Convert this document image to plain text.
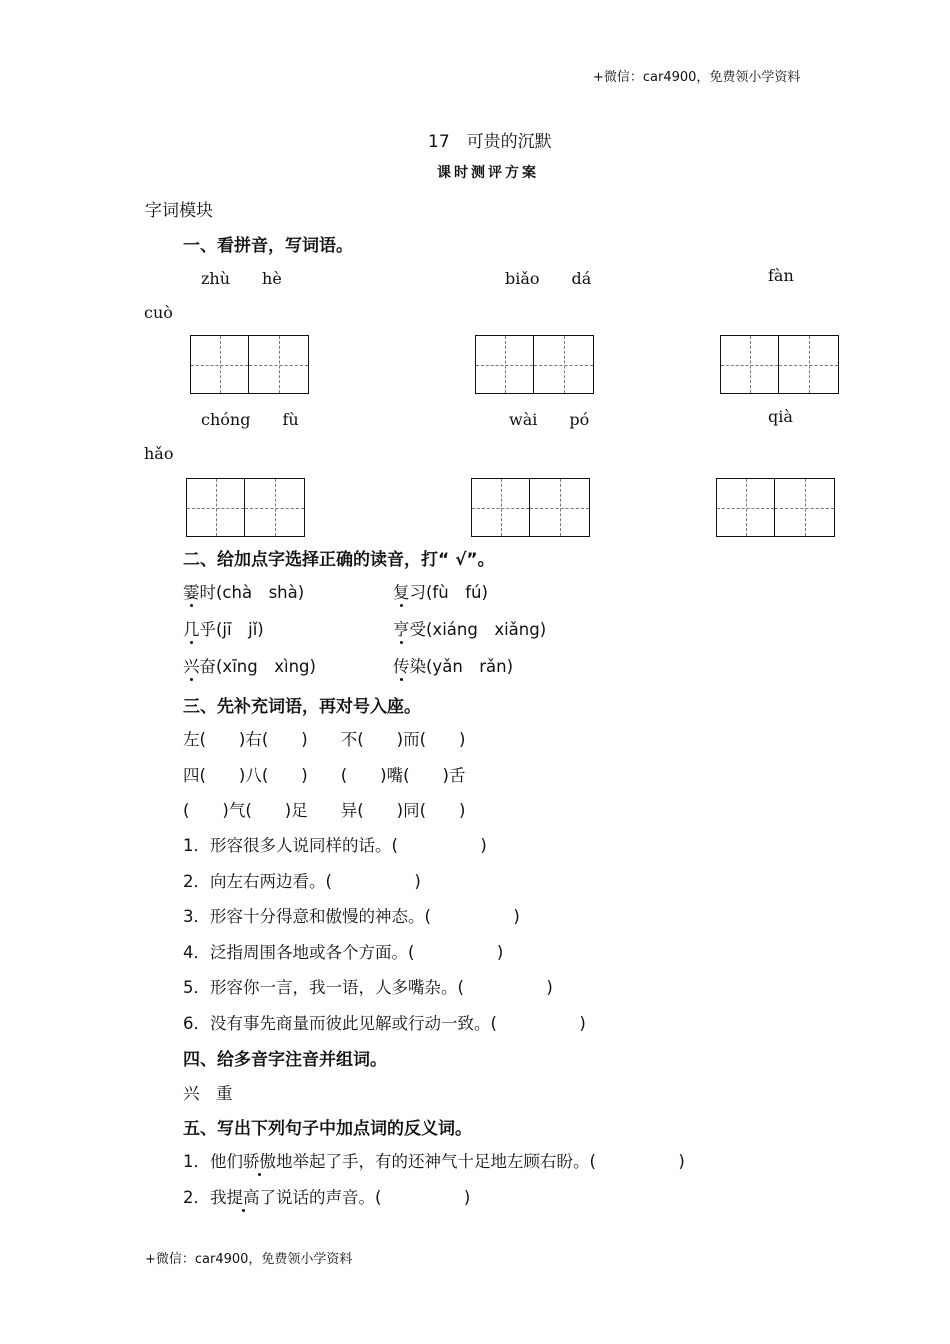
+微信：car4900，免费领小学资料
17　可贵的沉默
课时测评方案
字词模块
一、看拼音，写词语。
zhù　　hè	biǎo　　dá	fàn
cuò
chóng　　fù	wài　　pó	qià
hǎo
二、给加点字选择正确的读音，打“ √”。
霎时(chà　shà)	复习(fù　fú)
几乎(jī　jǐ)	亨受(xiáng　xiǎng)
兴奋(xīng　xìng)	传染(yǎn　rǎn)
三、先补充词语，再对号入座。
左(　　)右(　　)　　不(　　)而(　　)
四(　　)八(　　)　　(　　)嘴(　　)舌
(　　)气(　　)足　　异(　　)同(　　)
1．形容很多人说同样的话。(　　　　　)
2．向左右两边看。(　　　　　)
3．形容十分得意和傲慢的神态。(　　　　　)
4．泛指周围各地或各个方面。(　　　　　)
5．形容你一言，我一语，人多嘴杂。(　　　　　)
6．没有事先商量而彼此见解或行动一致。(　　　　　)
四、给多音字注音并组词。
兴　重
五、写出下列句子中加点词的反义词。
1．他们骄傲地举起了手，有的还神气十足地左顾右盼。(　　　　　)
2．我提高了说话的声音。(　　　　　)
+微信：car4900，免费领小学资料
